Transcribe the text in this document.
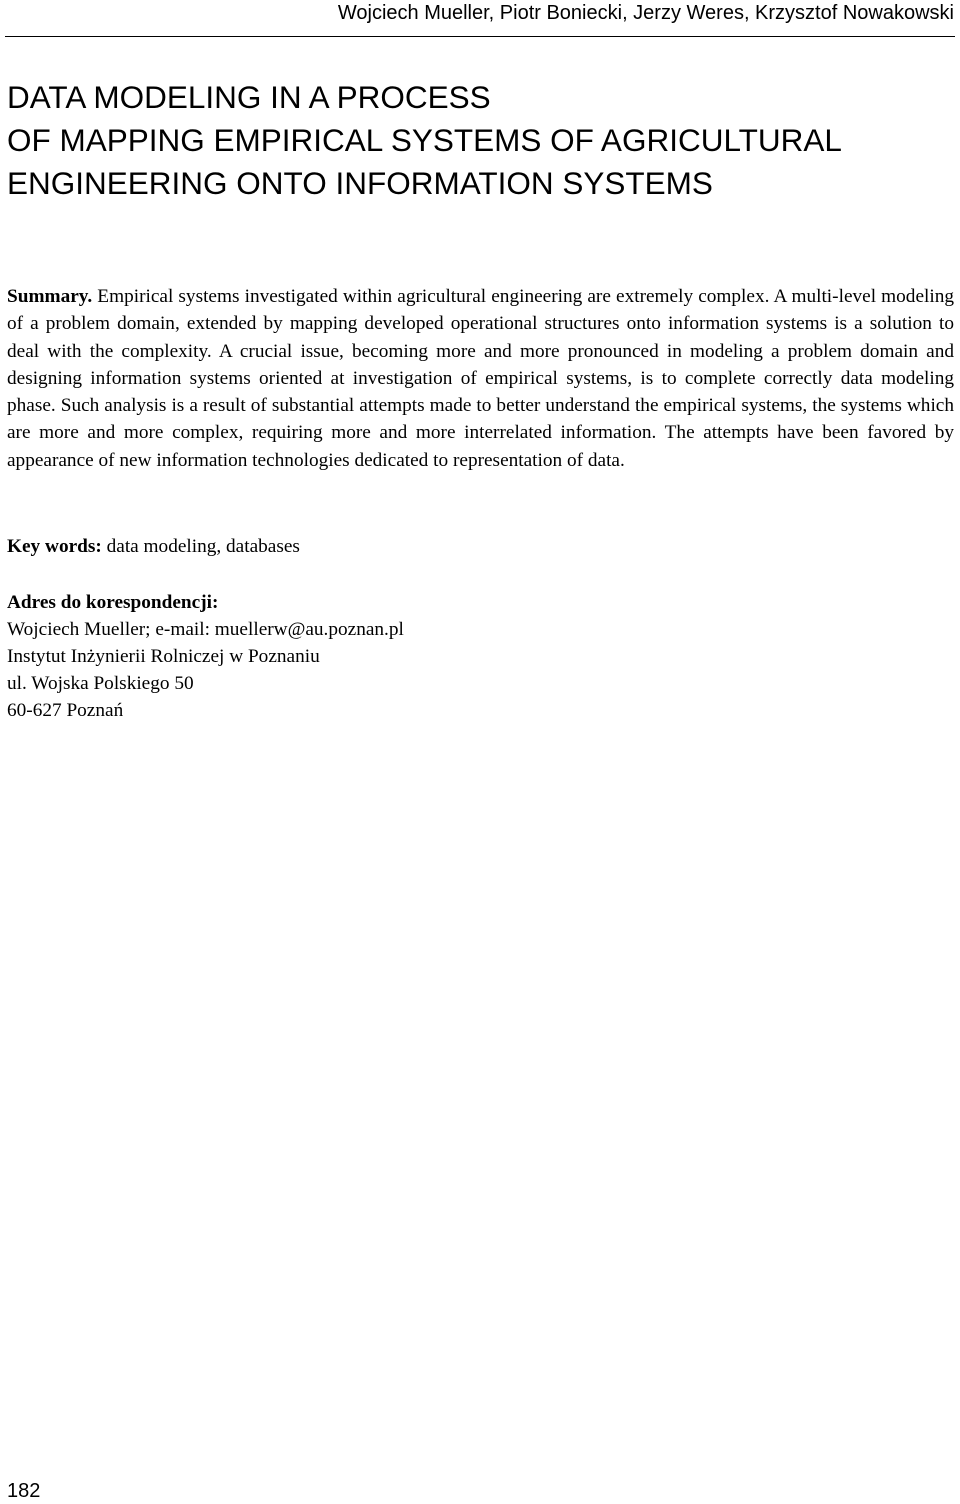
Wojciech Mueller, Piotr Boniecki, Jerzy Weres, Krzysztof Nowakowski
DATA MODELING IN A PROCESS
OF MAPPING EMPIRICAL SYSTEMS OF AGRICULTURAL
ENGINEERING ONTO INFORMATION SYSTEMS

Summary. Empirical systems investigated within agricultural engineering are extremely complex. A multi-level modeling of a problem domain, extended by mapping developed operational structures onto information systems is a solution to deal with the complexity. A crucial issue, becoming more and more pronounced in modeling a problem domain and designing information systems oriented at investigation of empirical systems, is to complete correctly data modeling phase. Such analysis is a result of substantial attempts made to better understand the empirical systems, the systems which are more and more complex, requiring more and more interrelated information. The attempts have been favored by appearance of new information technologies dedicated to representation of data.

Key words: data modeling, databases

Adres do korespondencji:
Wojciech Mueller; e-mail: muellerw@au.poznan.pl
Instytut Inżynierii Rolniczej w Poznaniu
ul. Wojska Polskiego 50
60-627 Poznań
182
